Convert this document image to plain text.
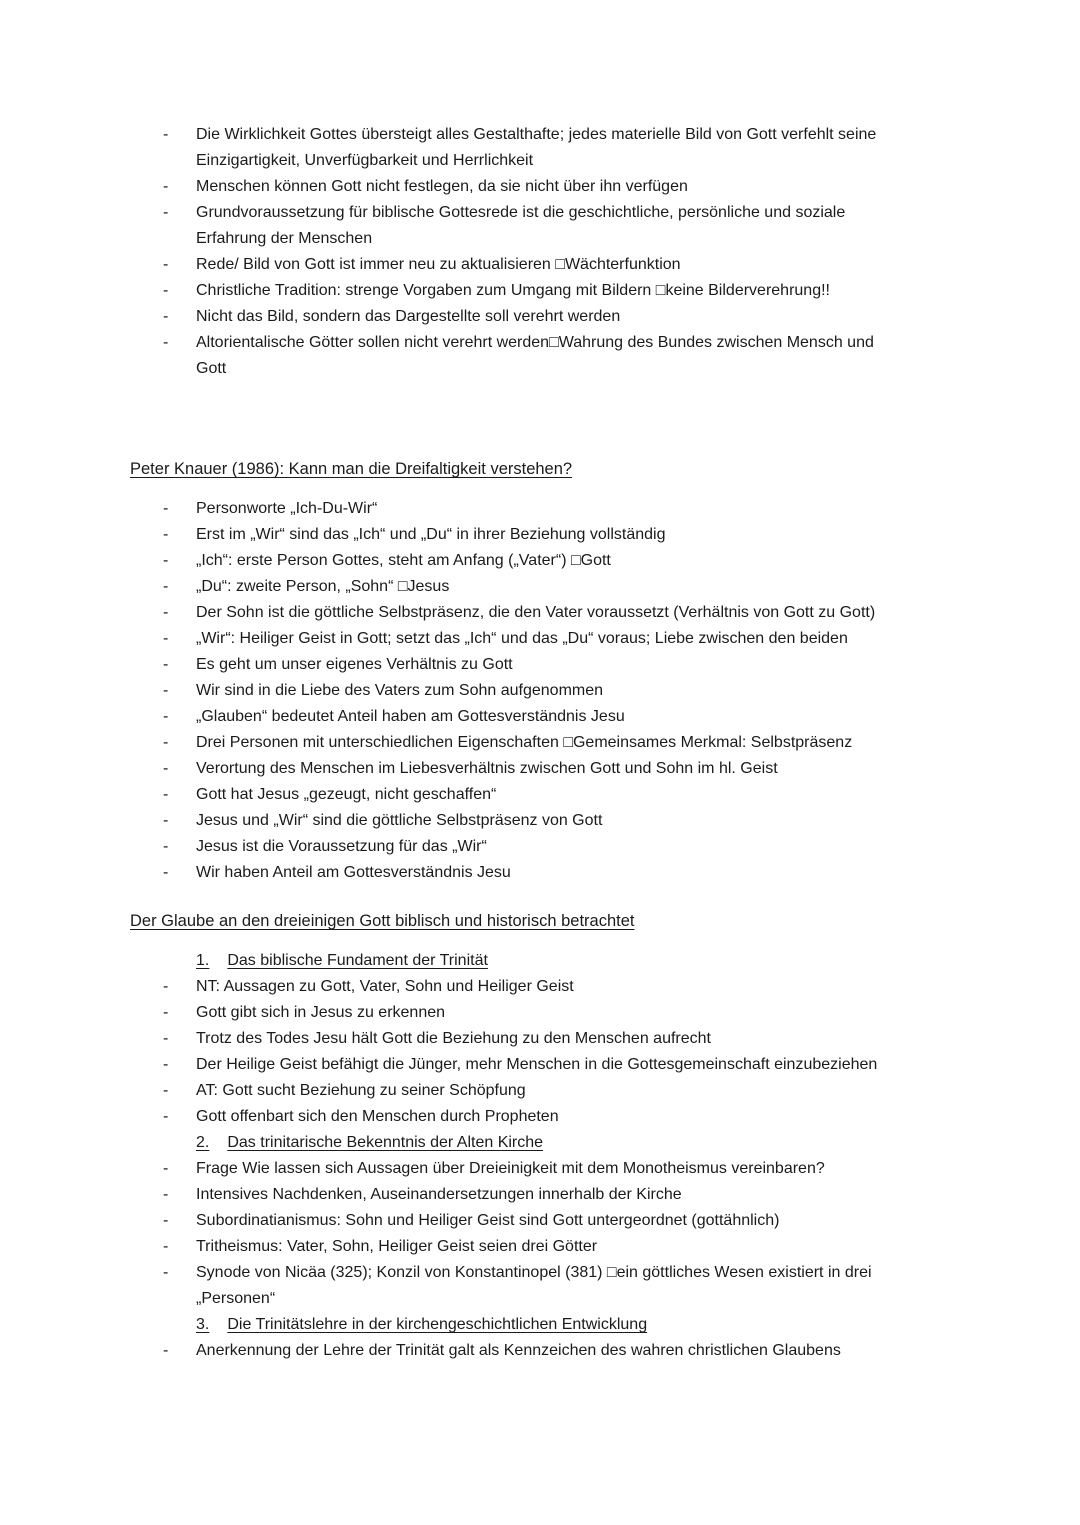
- Die Wirklichkeit Gottes übersteigt alles Gestalthafte; jedes materielle Bild von Gott verfehlt seine Einzigartigkeit, Unverfügbarkeit und Herrlichkeit
- Menschen können Gott nicht festlegen, da sie nicht über ihn verfügen
- Grundvoraussetzung für biblische Gottesrede ist die geschichtliche, persönliche und soziale Erfahrung der Menschen
- Rede/ Bild von Gott ist immer neu zu aktualisieren □Wächterfunktion
- Christliche Tradition: strenge Vorgaben zum Umgang mit Bildern □keine Bilderverehrung!!
- Nicht das Bild, sondern das Dargestellte soll verehrt werden
- Altorientalische Götter sollen nicht verehrt werden□Wahrung des Bundes zwischen Mensch und Gott
Peter Knauer (1986): Kann man die Dreifaltigkeit verstehen?
- Personworte „Ich-Du-Wir“
- Erst im „Wir“ sind das „Ich“ und „Du“ in ihrer Beziehung vollständig
- „Ich“: erste Person Gottes, steht am Anfang („Vater“) □Gott
- „Du“: zweite Person, „Sohn“ □Jesus
- Der Sohn ist die göttliche Selbstpräsenz, die den Vater voraussetzt (Verhältnis von Gott zu Gott)
- „Wir“: Heiliger Geist in Gott; setzt das „Ich“ und das „Du“ voraus; Liebe zwischen den beiden
- Es geht um unser eigenes Verhältnis zu Gott
- Wir sind in die Liebe des Vaters zum Sohn aufgenommen
- „Glauben“ bedeutet Anteil haben am Gottesverständnis Jesu
- Drei Personen mit unterschiedlichen Eigenschaften □Gemeinsames Merkmal: Selbstpräsenz
- Verortung des Menschen im Liebesverhältnis zwischen Gott und Sohn im hl. Geist
- Gott hat Jesus „gezeugt, nicht geschaffen“
- Jesus und „Wir“ sind die göttliche Selbstpräsenz von Gott
- Jesus ist die Voraussetzung für das „Wir“
- Wir haben Anteil am Gottesverständnis Jesu
Der Glaube an den dreieinigen Gott biblisch und historisch betrachtet
1. Das biblische Fundament der Trinität
- NT: Aussagen zu Gott, Vater, Sohn und Heiliger Geist
- Gott gibt sich in Jesus zu erkennen
- Trotz des Todes Jesu hält Gott die Beziehung zu den Menschen aufrecht
- Der Heilige Geist befähigt die Jünger, mehr Menschen in die Gottesgemeinschaft einzubeziehen
- AT: Gott sucht Beziehung zu seiner Schöpfung
- Gott offenbart sich den Menschen durch Propheten
2. Das trinitarische Bekenntnis der Alten Kirche
- Frage Wie lassen sich Aussagen über Dreieinigkeit mit dem Monotheismus vereinbaren?
- Intensives Nachdenken, Auseinandersetzungen innerhalb der Kirche
- Subordinatianismus: Sohn und Heiliger Geist sind Gott untergeordnet (gottähnlich)
- Tritheismus: Vater, Sohn, Heiliger Geist seien drei Götter
- Synode von Nicäa (325); Konzil von Konstantinopel (381) □ein göttliches Wesen existiert in drei „Personen“
3. Die Trinitätslehre in der kirchengeschichtlichen Entwicklung
- Anerkennung der Lehre der Trinität galt als Kennzeichen des wahren christlichen Glaubens
